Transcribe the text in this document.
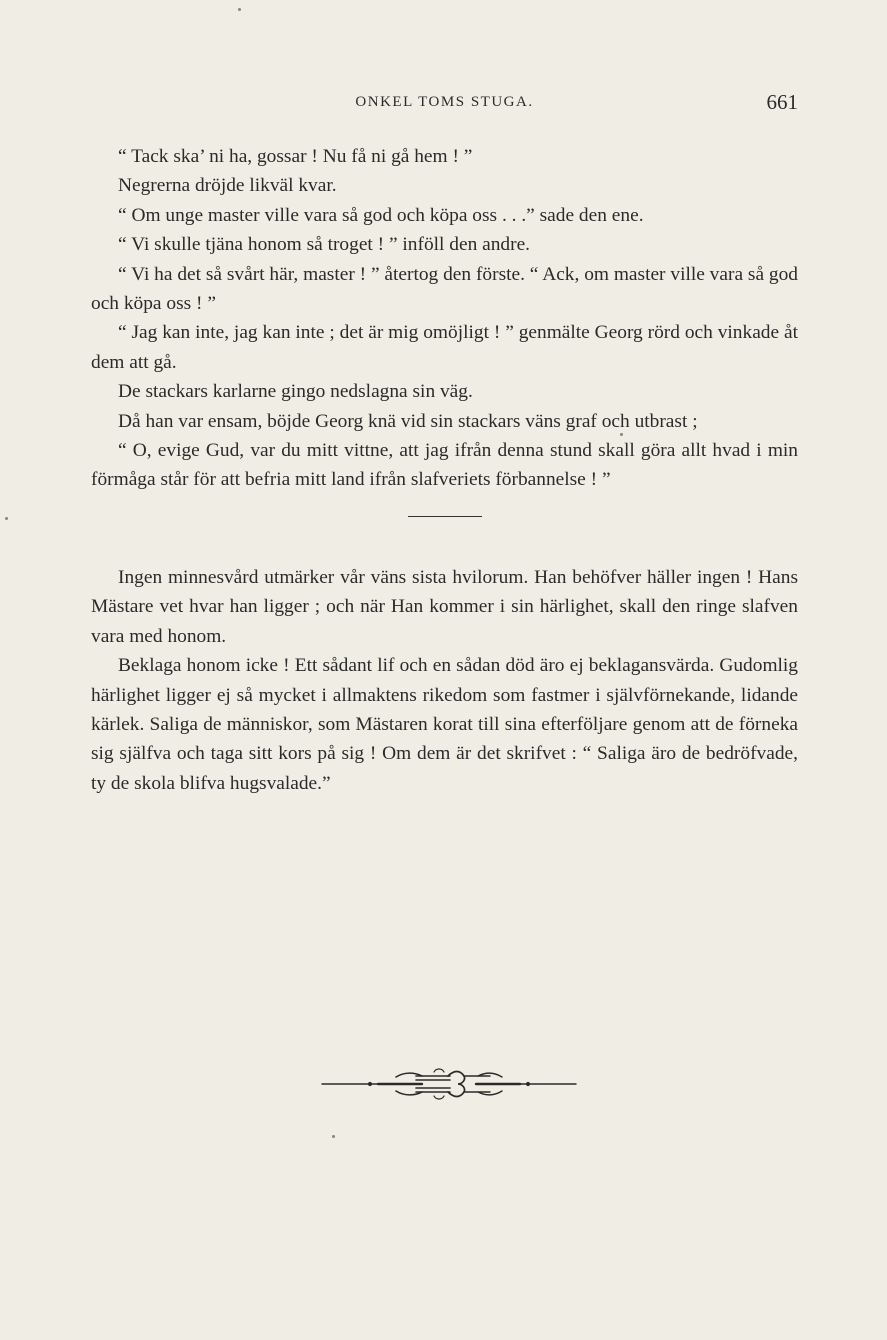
ONKEL TOMS STUGA.	661

“ Tack ska’ ni ha, gossar ! Nu få ni gå hem ! ”

Negrerna dröjde likväl kvar.

“ Om unge master ville vara så god och köpa oss . . .” sade den ene.

“ Vi skulle tjäna honom så troget ! ” inföll den andre.

“ Vi ha det så svårt här, master ! ” återtog den förste. “ Ack, om master ville vara så god och köpa oss ! ”

“ Jag kan inte, jag kan inte ; det är mig omöjligt ! ” genmälte Georg rörd och vinkade åt dem att gå.

De stackars karlarne gingo nedslagna sin väg.

Då han var ensam, böjde Georg knä vid sin stackars väns graf och utbrast ;

“ O, evige Gud, var du mitt vittne, att jag ifrån denna stund skall göra allt hvad i min förmåga står för att befria mitt land ifrån slafveriets förbannelse ! ”

Ingen minnesvård utmärker vår väns sista hvilorum. Han behöfver häller ingen ! Hans Mästare vet hvar han ligger ; och när Han kommer i sin härlighet, skall den ringe slafven vara med honom.

Beklaga honom icke ! Ett sådant lif och en sådan död äro ej beklagansvärda. Gudomlig härlighet ligger ej så mycket i allmaktens rikedom som fastmer i självförnekande, lidande kärlek. Saliga de människor, som Mästaren korat till sina efterföljare genom att de förneka sig själfva och taga sitt kors på sig ! Om dem är det skrifvet : “ Saliga äro de bedröfvade, ty de skola blifva hugsvalade.”
